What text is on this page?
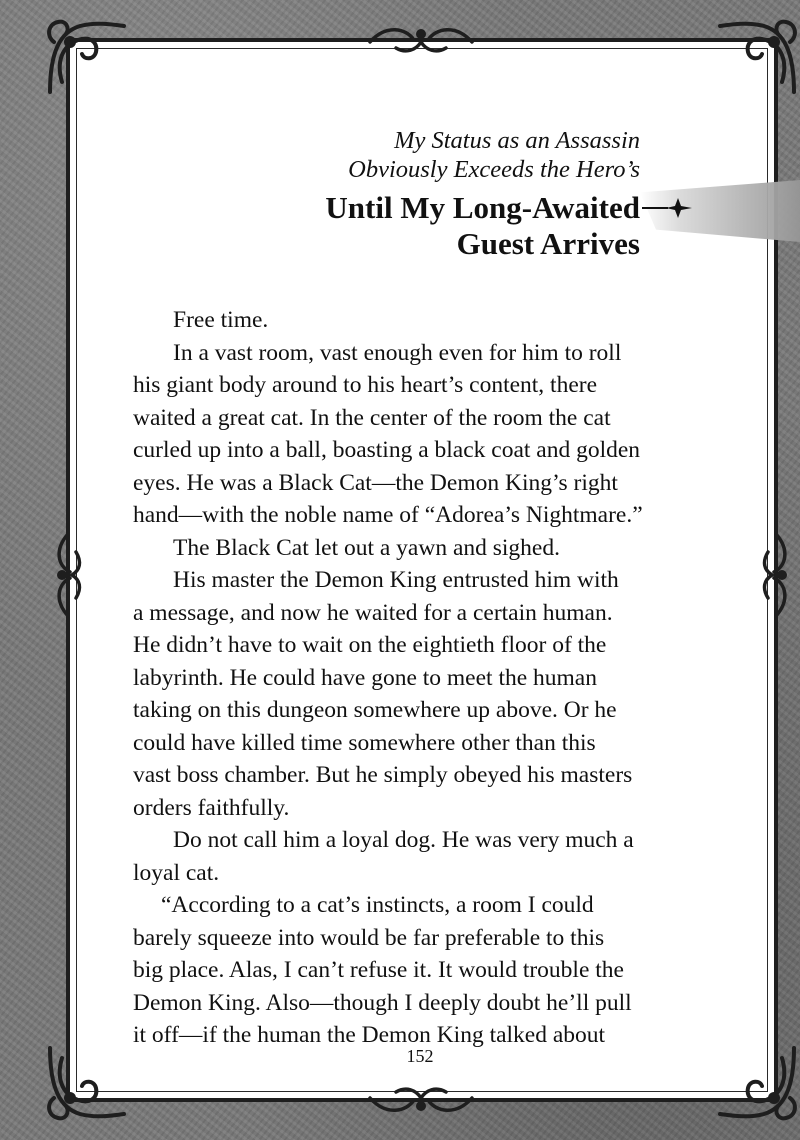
My Status as an Assassin
Obviously Exceeds the Hero’s
Until My Long-Awaited
Guest Arrives
Free time.
In a vast room, vast enough even for him to roll
his giant body around to his heart’s content, there
waited a great cat. In the center of the room the cat
curled up into a ball, boasting a black coat and golden
eyes. He was a Black Cat—the Demon King’s right
hand—with the noble name of “Adorea’s Nightmare.”
The Black Cat let out a yawn and sighed.
His master the Demon King entrusted him with
a message, and now he waited for a certain human.
He didn’t have to wait on the eightieth floor of the
labyrinth. He could have gone to meet the human
taking on this dungeon somewhere up above. Or he
could have killed time somewhere other than this
vast boss chamber. But he simply obeyed his masters
orders faithfully.
Do not call him a loyal dog. He was very much a
loyal cat.
“According to a cat’s instincts, a room I could
barely squeeze into would be far preferable to this
big place. Alas, I can’t refuse it. It would trouble the
Demon King. Also—though I deeply doubt he’ll pull
it off—if the human the Demon King talked about
152
